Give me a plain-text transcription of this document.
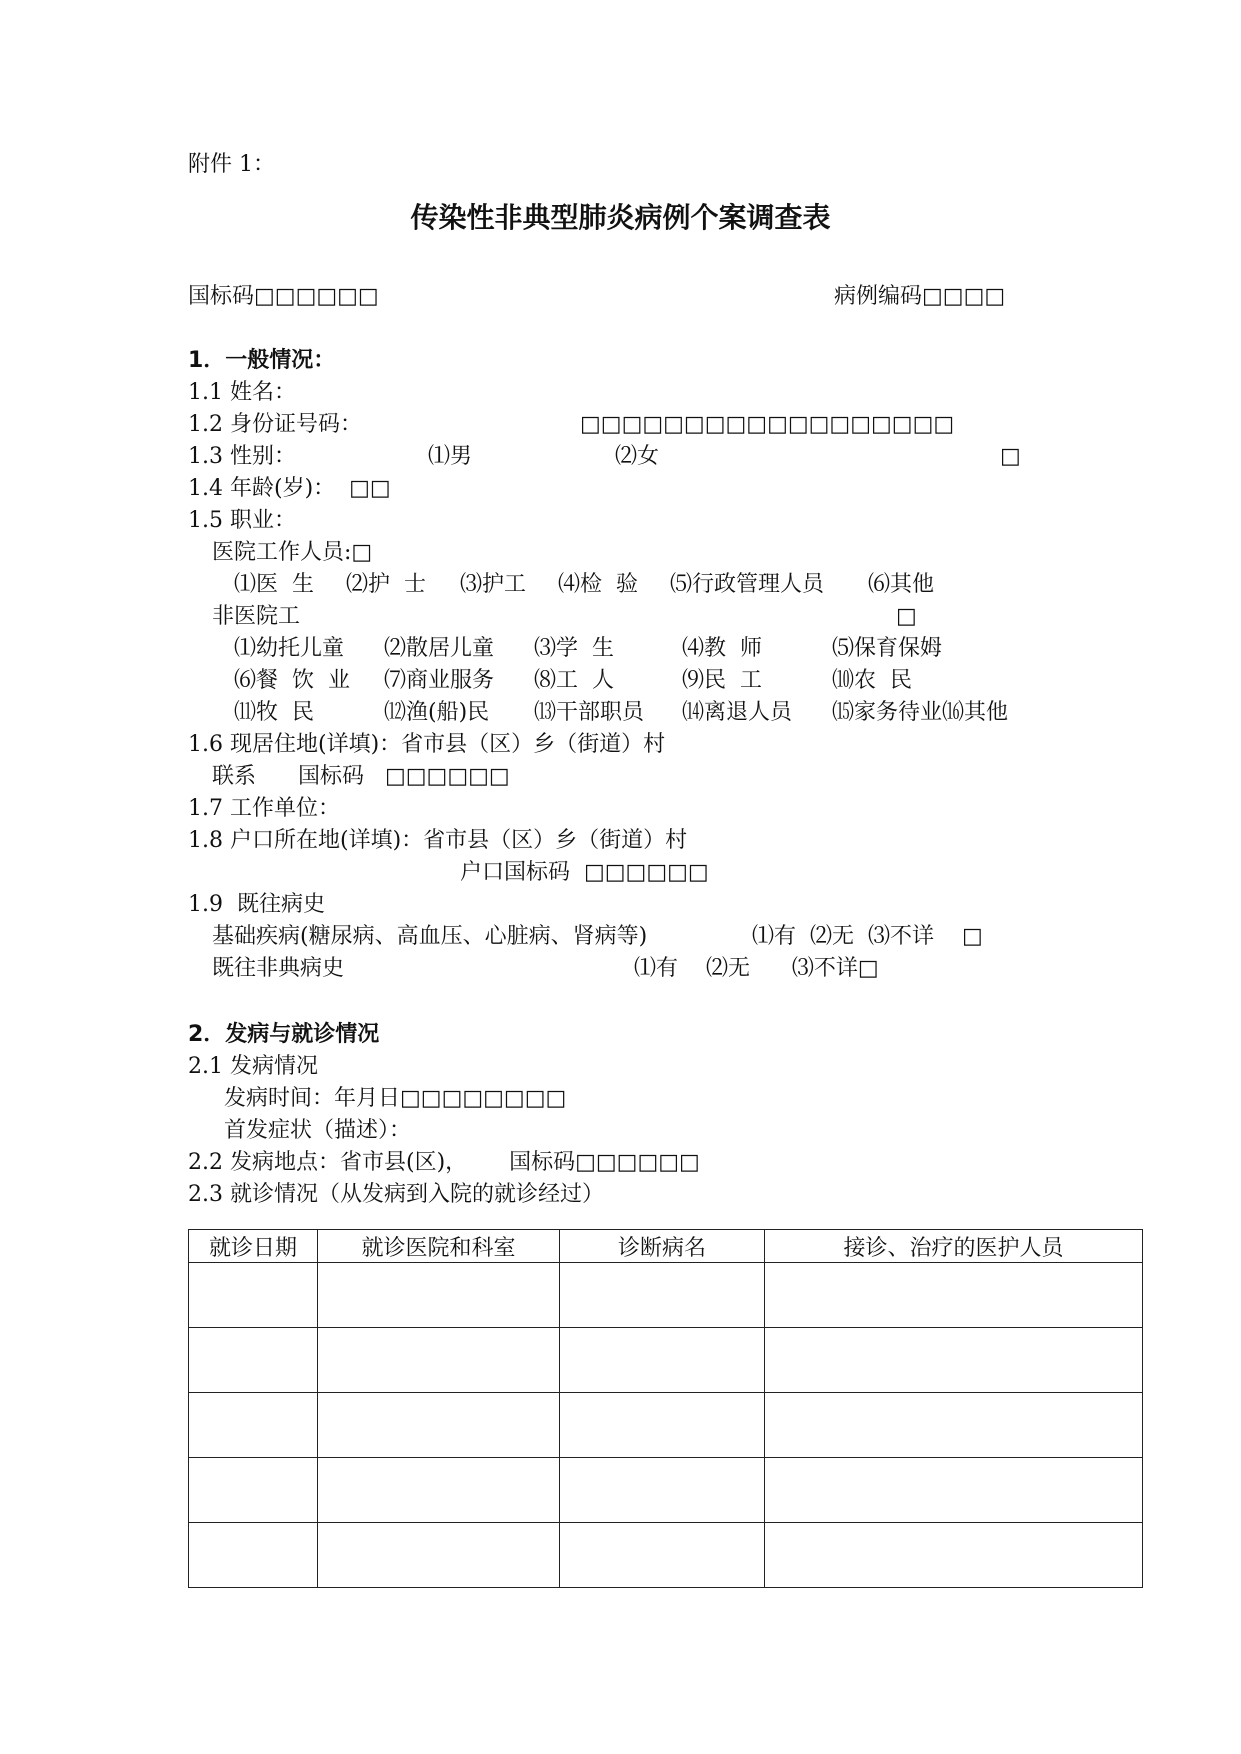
附件 1：
传染性非典型肺炎病例个案调查表
国标码□□□□□□	病例编码□□□□
1．一般情况：
1.1 姓名：
1.2 身份证号码：	□□□□□□□□□□□□□□□□□□
1.3 性别：	⑴男	⑵女	□
1.4 年龄(岁)：  □□
1.5 职业：
医院工作人员:□
⑴医  生 ⑵护  士 ⑶护工 ⑷检  验 ⑸行政管理人员 ⑹其他
非医院工	□
⑴幼托儿童 ⑵散居儿童 ⑶学  生	⑷教  师	⑸保育保姆
⑹餐  饮  业 ⑺商业服务 ⑻工  人	⑼民  工	⑽农  民
⑾牧  民	⑿渔(船)民 ⒀干部职员 ⒁离退人员 ⒂家务待业⒃其他
1.6 现居住地(详填)：省市县（区）乡（街道）村
联系 国标码   □□□□□□
1.7 工作单位：
1.8 户口所在地(详填)：省市县（区）乡（街道）村
户口国标码  □□□□□□
1.9  既往病史
基础疾病(糖尿病、高血压、心脏病、肾病等)	⑴有  ⑵无  ⑶不详    □
既往非典病史	⑴有    ⑵无      ⑶不详□
2．发病与就诊情况
2.1 发病情况
发病时间：年月日□□□□□□□□
首发症状（描述）：
2.2 发病地点：省市县(区)，      国标码□□□□□□
2.3 就诊情况（从发病到入院的就诊经过）
就诊日期	就诊医院和科室	诊断病名	接诊、治疗的医护人员
